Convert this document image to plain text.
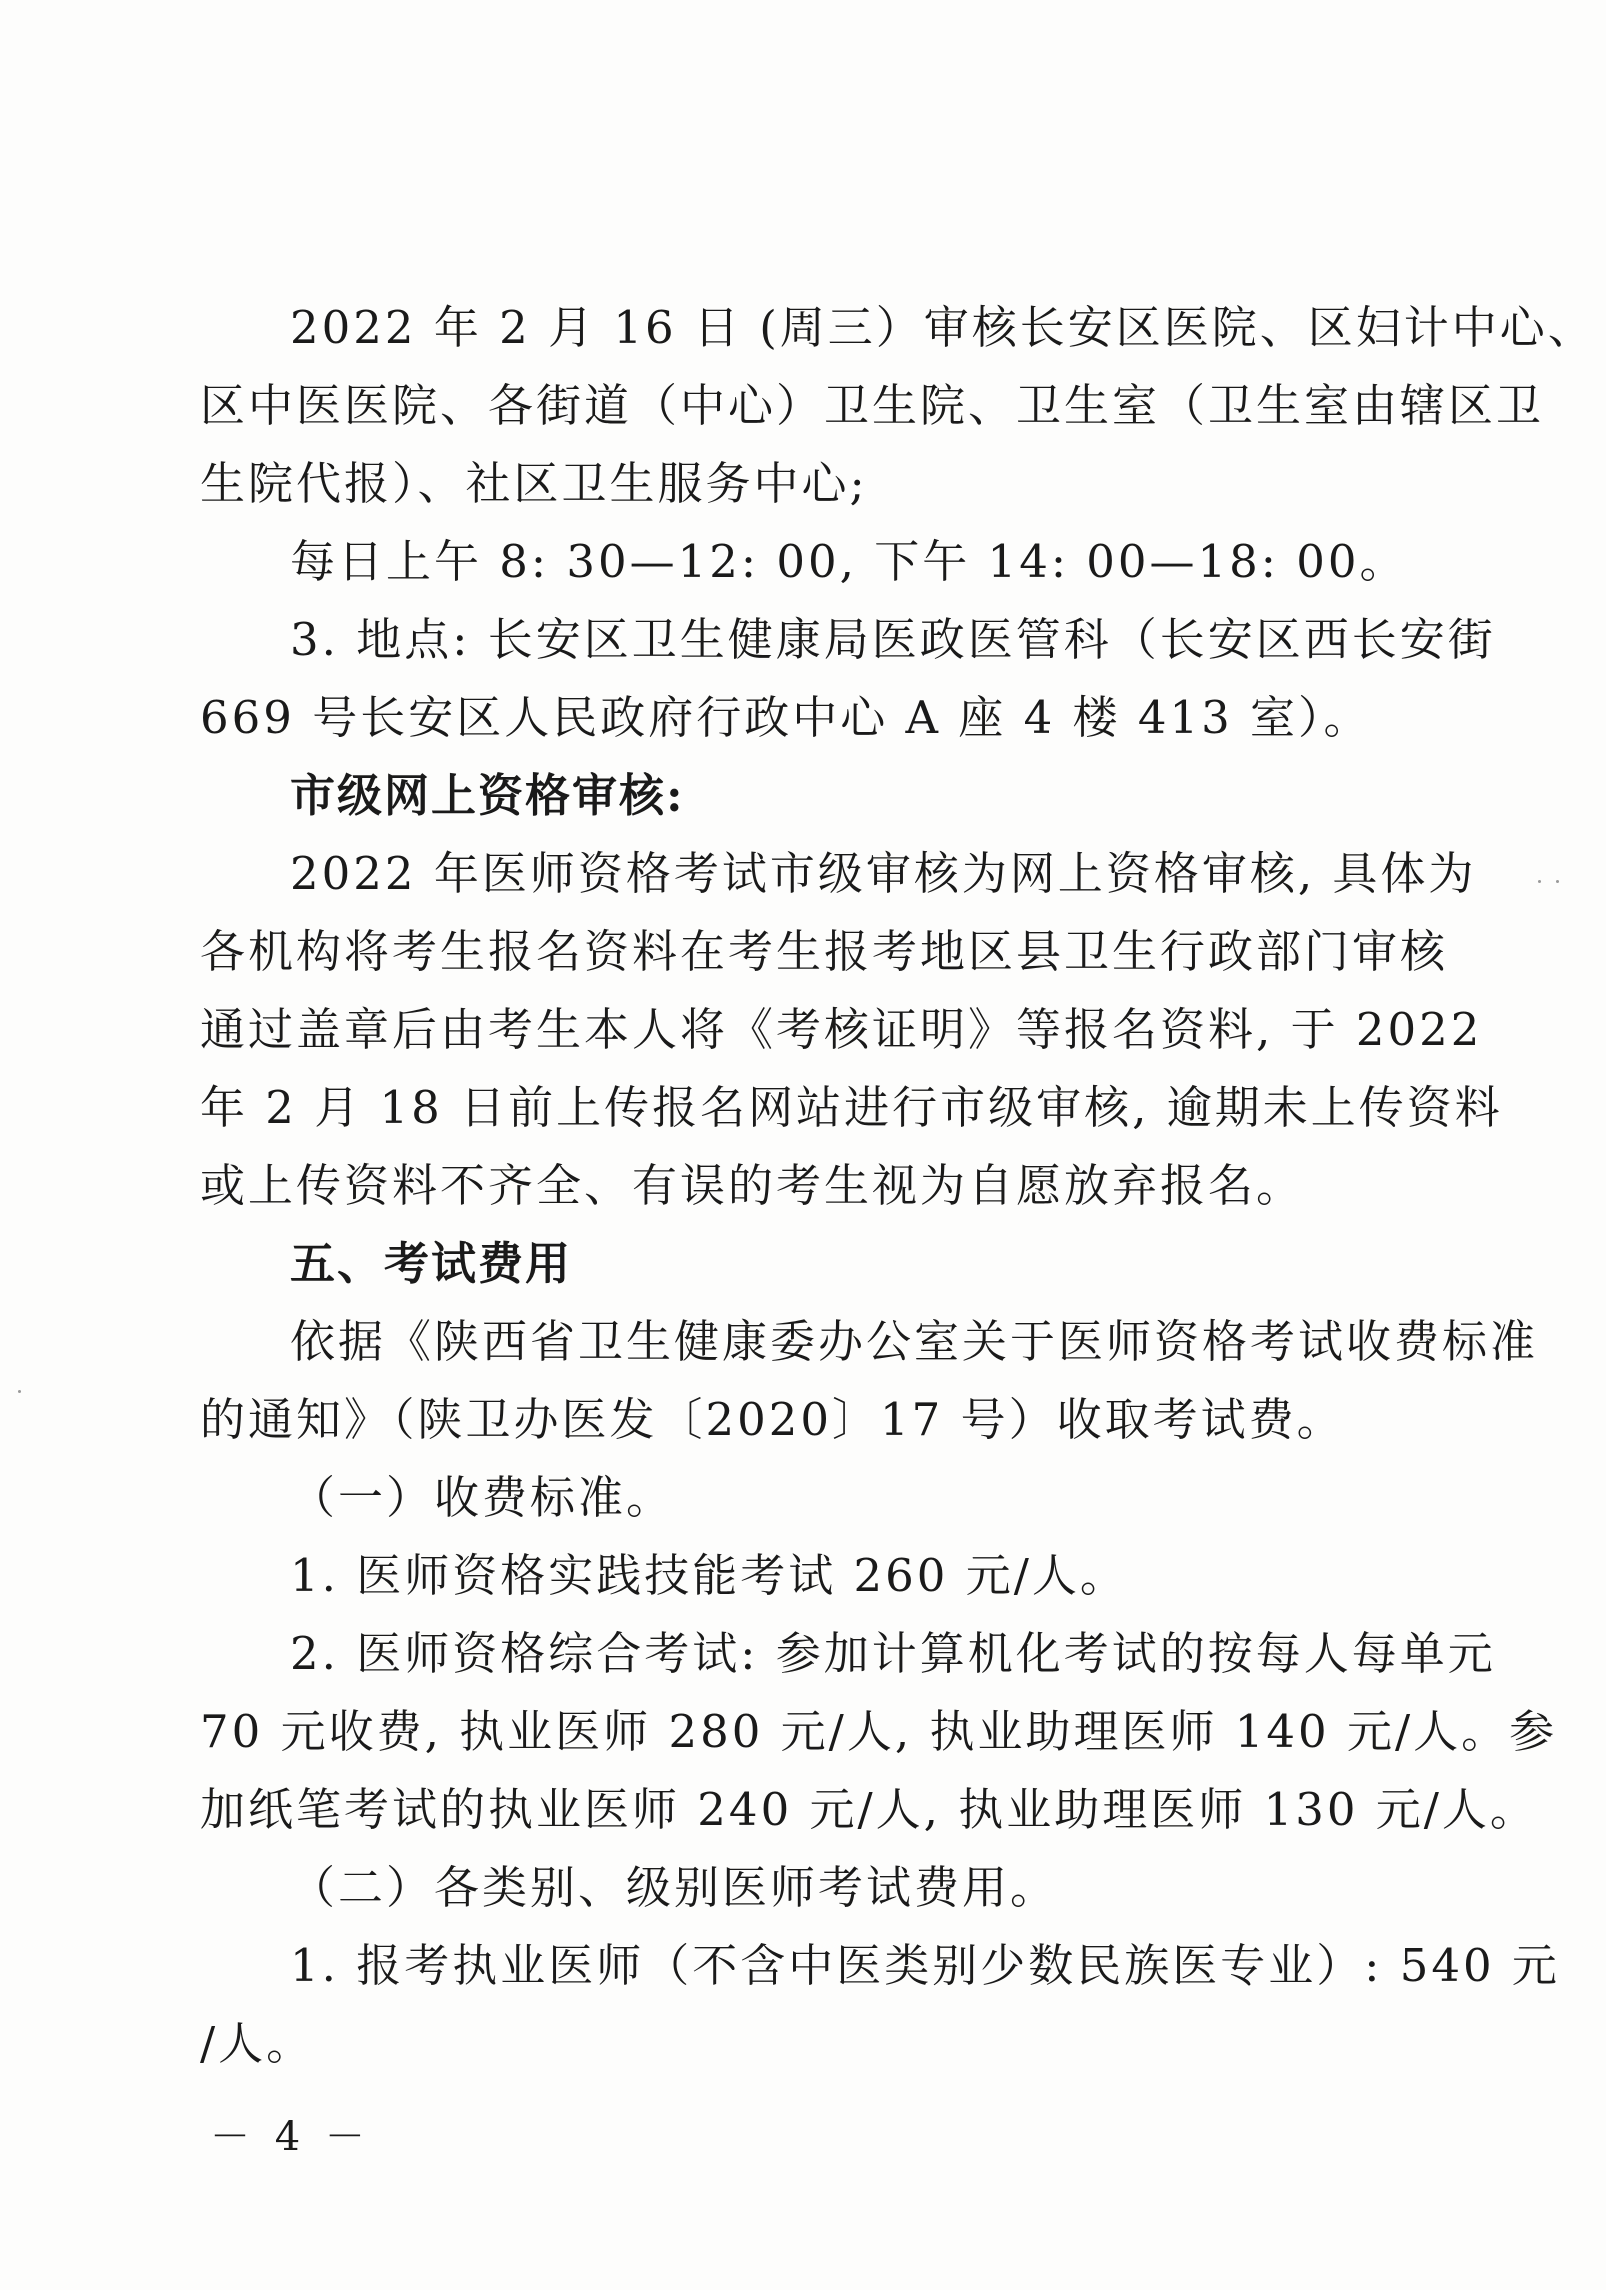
2022 年 2 月 16 日 (周三）审核长安区医院、区妇计中心、
区中医医院、各街道（中心）卫生院、卫生室（卫生室由辖区卫
生院代报）、社区卫生服务中心;
每日上午 8: 30—12: 00, 下午 14: 00—18: 00。
3. 地点: 长安区卫生健康局医政医管科（长安区西长安街
669 号长安区人民政府行政中心 A 座 4 楼 413 室）。
市级网上资格审核:
2022 年医师资格考试市级审核为网上资格审核, 具体为
各机构将考生报名资料在考生报考地区县卫生行政部门审核
通过盖章后由考生本人将《考核证明》等报名资料, 于 2022
年 2 月 18 日前上传报名网站进行市级审核, 逾期未上传资料
或上传资料不齐全、有误的考生视为自愿放弃报名。
五、考试费用
依据《陕西省卫生健康委办公室关于医师资格考试收费标准
的通知》（陕卫办医发〔2020〕17 号）收取考试费。
（一）收费标准。
1. 医师资格实践技能考试 260 元/人。
2. 医师资格综合考试: 参加计算机化考试的按每人每单元
70 元收费, 执业医师 280 元/人, 执业助理医师 140 元/人。参
加纸笔考试的执业医师 240 元/人, 执业助理医师 130 元/人。
（二）各类别、级别医师考试费用。
1. 报考执业医师（不含中医类别少数民族医专业）: 540 元
/人。
－ 4 －
